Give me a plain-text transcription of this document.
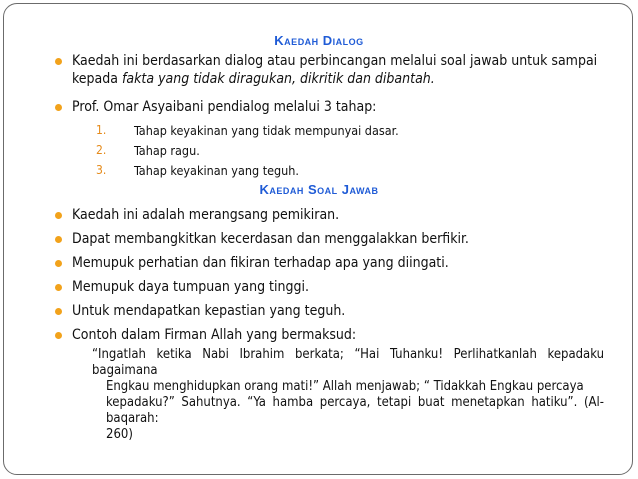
Kaedah Dialog
Kaedah ini berdasarkan dialog atau perbincangan melalui soal jawab untuk sampai
kepada fakta yang tidak diragukan, dikritik dan dibantah.
Prof. Omar Asyaibani pendialog melalui 3 tahap:
1. Tahap keyakinan yang tidak mempunyai dasar.
2. Tahap ragu.
3. Tahap keyakinan yang teguh.
Kaedah Soal Jawab
Kaedah ini adalah merangsang pemikiran.
Dapat membangkitkan kecerdasan dan menggalakkan berfikir.
Memupuk perhatian dan fikiran terhadap apa yang diingati.
Memupuk daya tumpuan yang tinggi.
Untuk mendapatkan kepastian yang teguh.
Contoh dalam Firman Allah yang bermaksud:
“Ingatlah ketika Nabi Ibrahim berkata; “Hai Tuhanku! Perlihatkanlah kepadaku bagaimana
Engkau menghidupkan orang mati!” Allah menjawab; “ Tidakkah Engkau percaya
kepadaku?” Sahutnya. “Ya hamba percaya, tetapi buat menetapkan hatiku”. (Al-baqarah:
260)
